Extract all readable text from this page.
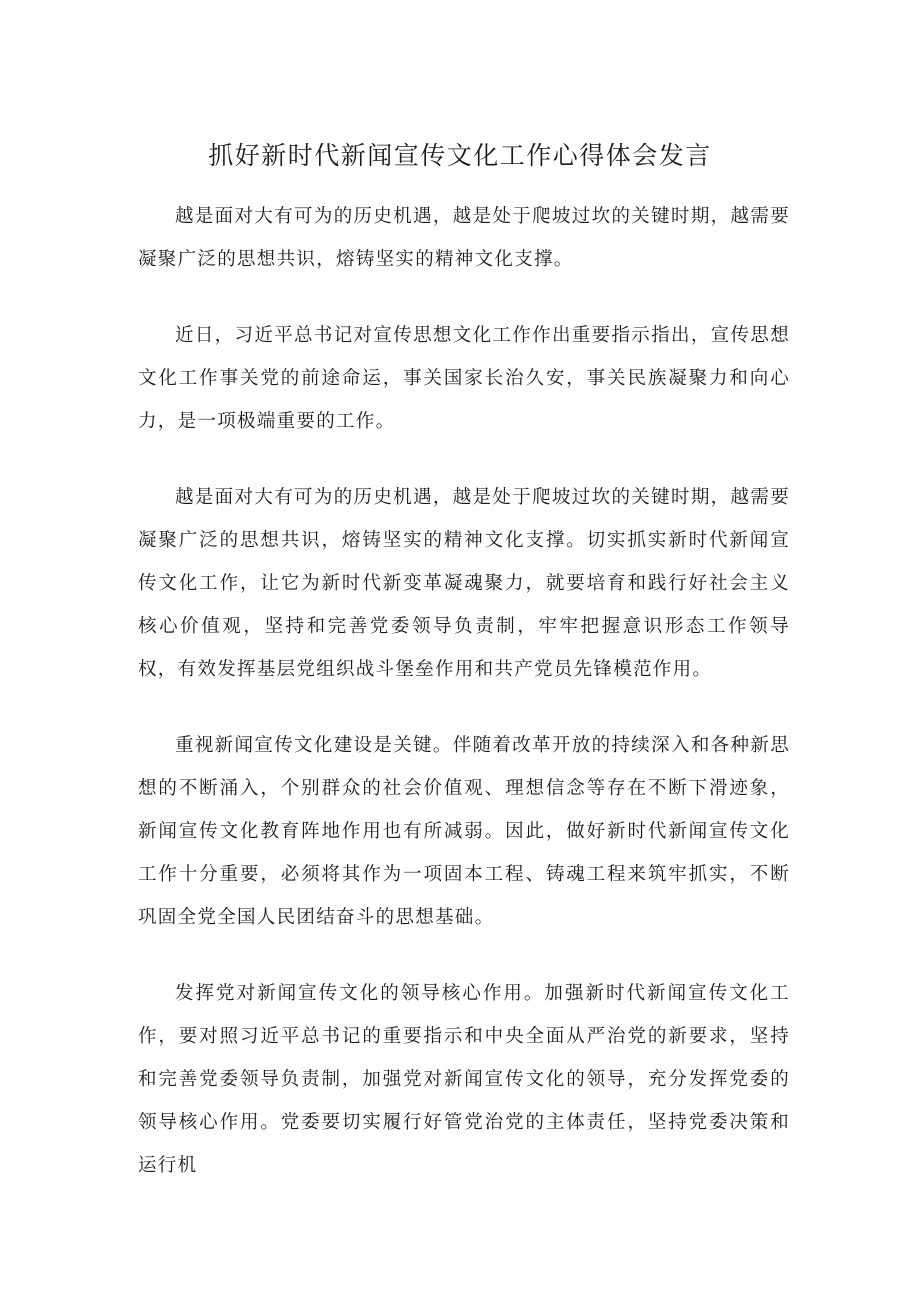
抓好新时代新闻宣传文化工作心得体会发言

越是面对大有可为的历史机遇，越是处于爬坡过坎的关键时期，越需要凝聚广泛的思想共识，熔铸坚实的精神文化支撑。

近日，习近平总书记对宣传思想文化工作作出重要指示指出，宣传思想文化工作事关党的前途命运，事关国家长治久安，事关民族凝聚力和向心力，是一项极端重要的工作。

越是面对大有可为的历史机遇，越是处于爬坡过坎的关键时期，越需要凝聚广泛的思想共识，熔铸坚实的精神文化支撑。切实抓实新时代新闻宣传文化工作，让它为新时代新变革凝魂聚力，就要培育和践行好社会主义核心价值观，坚持和完善党委领导负责制，牢牢把握意识形态工作领导权，有效发挥基层党组织战斗堡垒作用和共产党员先锋模范作用。

重视新闻宣传文化建设是关键。伴随着改革开放的持续深入和各种新思想的不断涌入，个别群众的社会价值观、理想信念等存在不断下滑迹象，新闻宣传文化教育阵地作用也有所减弱。因此，做好新时代新闻宣传文化工作十分重要，必须将其作为一项固本工程、铸魂工程来筑牢抓实，不断巩固全党全国人民团结奋斗的思想基础。

发挥党对新闻宣传文化的领导核心作用。加强新时代新闻宣传文化工作，要对照习近平总书记的重要指示和中央全面从严治党的新要求，坚持和完善党委领导负责制，加强党对新闻宣传文化的领导，充分发挥党委的领导核心作用。党委要切实履行好管党治党的主体责任，坚持党委决策和运行机
